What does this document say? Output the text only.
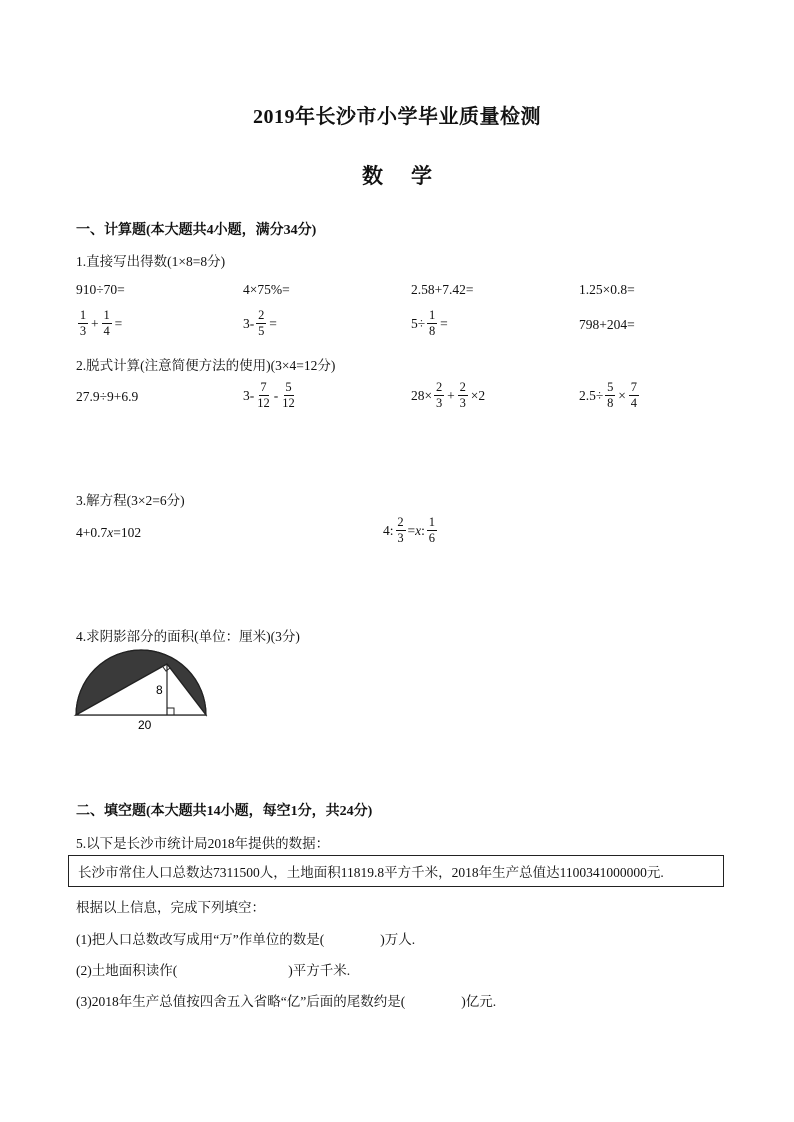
2019年长沙市小学毕业质量检测
数学
一、计算题(本大题共4小题，满分34分)
1.直接写出得数(1×8=8分)
910÷70=	4×75%=	2.58+7.42=	1.25×0.8=
$\frac{1}{3} + \frac{1}{4}$ =	$3- \frac{2}{5}$ =	$5\div \frac{1}{8}$ =	798+204=
2.脱式计算(注意简便方法的使用)(3×4=12分)
27.9÷9+6.9	$3- \frac{7}{12} - \frac{5}{12}$	$28\times \frac{2}{3} + \frac{2}{3} \times 2$	$2.5\div \frac{5}{8} \times \frac{7}{4}$
3.解方程(3×2=6分)
4+0.7x=102	4: $\frac{2}{3} = x$ : $\frac{1}{6}$
4.求阴影部分的面积(单位：厘米)(3分)
8
20
二、填空题(本大题共14小题，每空1分，共24分)
5.以下是长沙市统计局2018年提供的数据：
长沙市常住人口总数达7311500人，土地面积11819.8平方千米，2018年生产总值达1100341000000元.
根据以上信息，完成下列填空：
(1)把人口总数改写成用“万”作单位的数是(	)万人.
(2)土地面积读作(	)平方千米.
(3)2018年生产总值按四舍五入省略“亿”后面的尾数约是(	)亿元.
